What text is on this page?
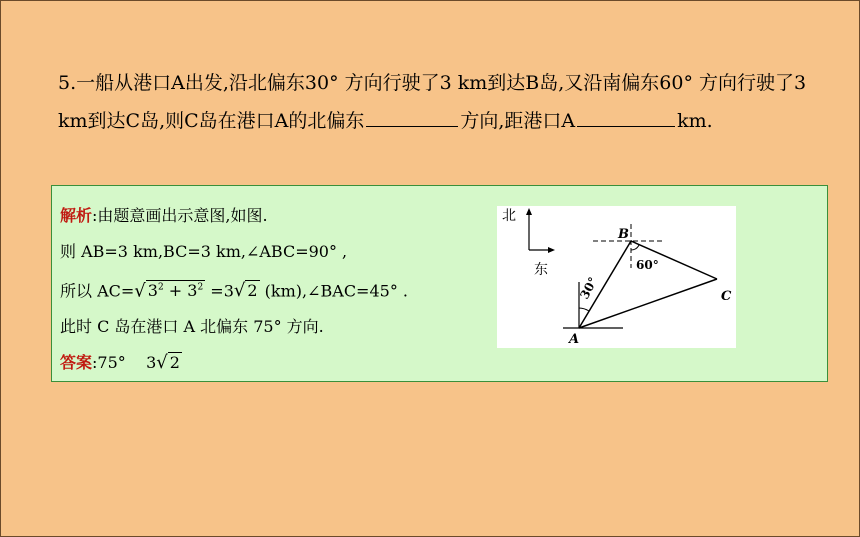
5.一船从港口A出发,沿北偏东30° 方向行驶了3 km到达B岛,又沿南偏东60° 方向行驶了3 km到达C岛,则C岛在港口A的北偏东	方向,距港口A	km.
解析:由题意画出示意图,如图.
则 AB=3 km,BC=3 km,∠ABC=90° ,
所以 AC=√ $3^2 + 3^2 =3√$ 2 (km),∠BAC=45° .
此时 C 岛在港口 A 北偏东 75° 方向.
答案:75°    3√ 2
北
东
30°
60°
A
B
C
